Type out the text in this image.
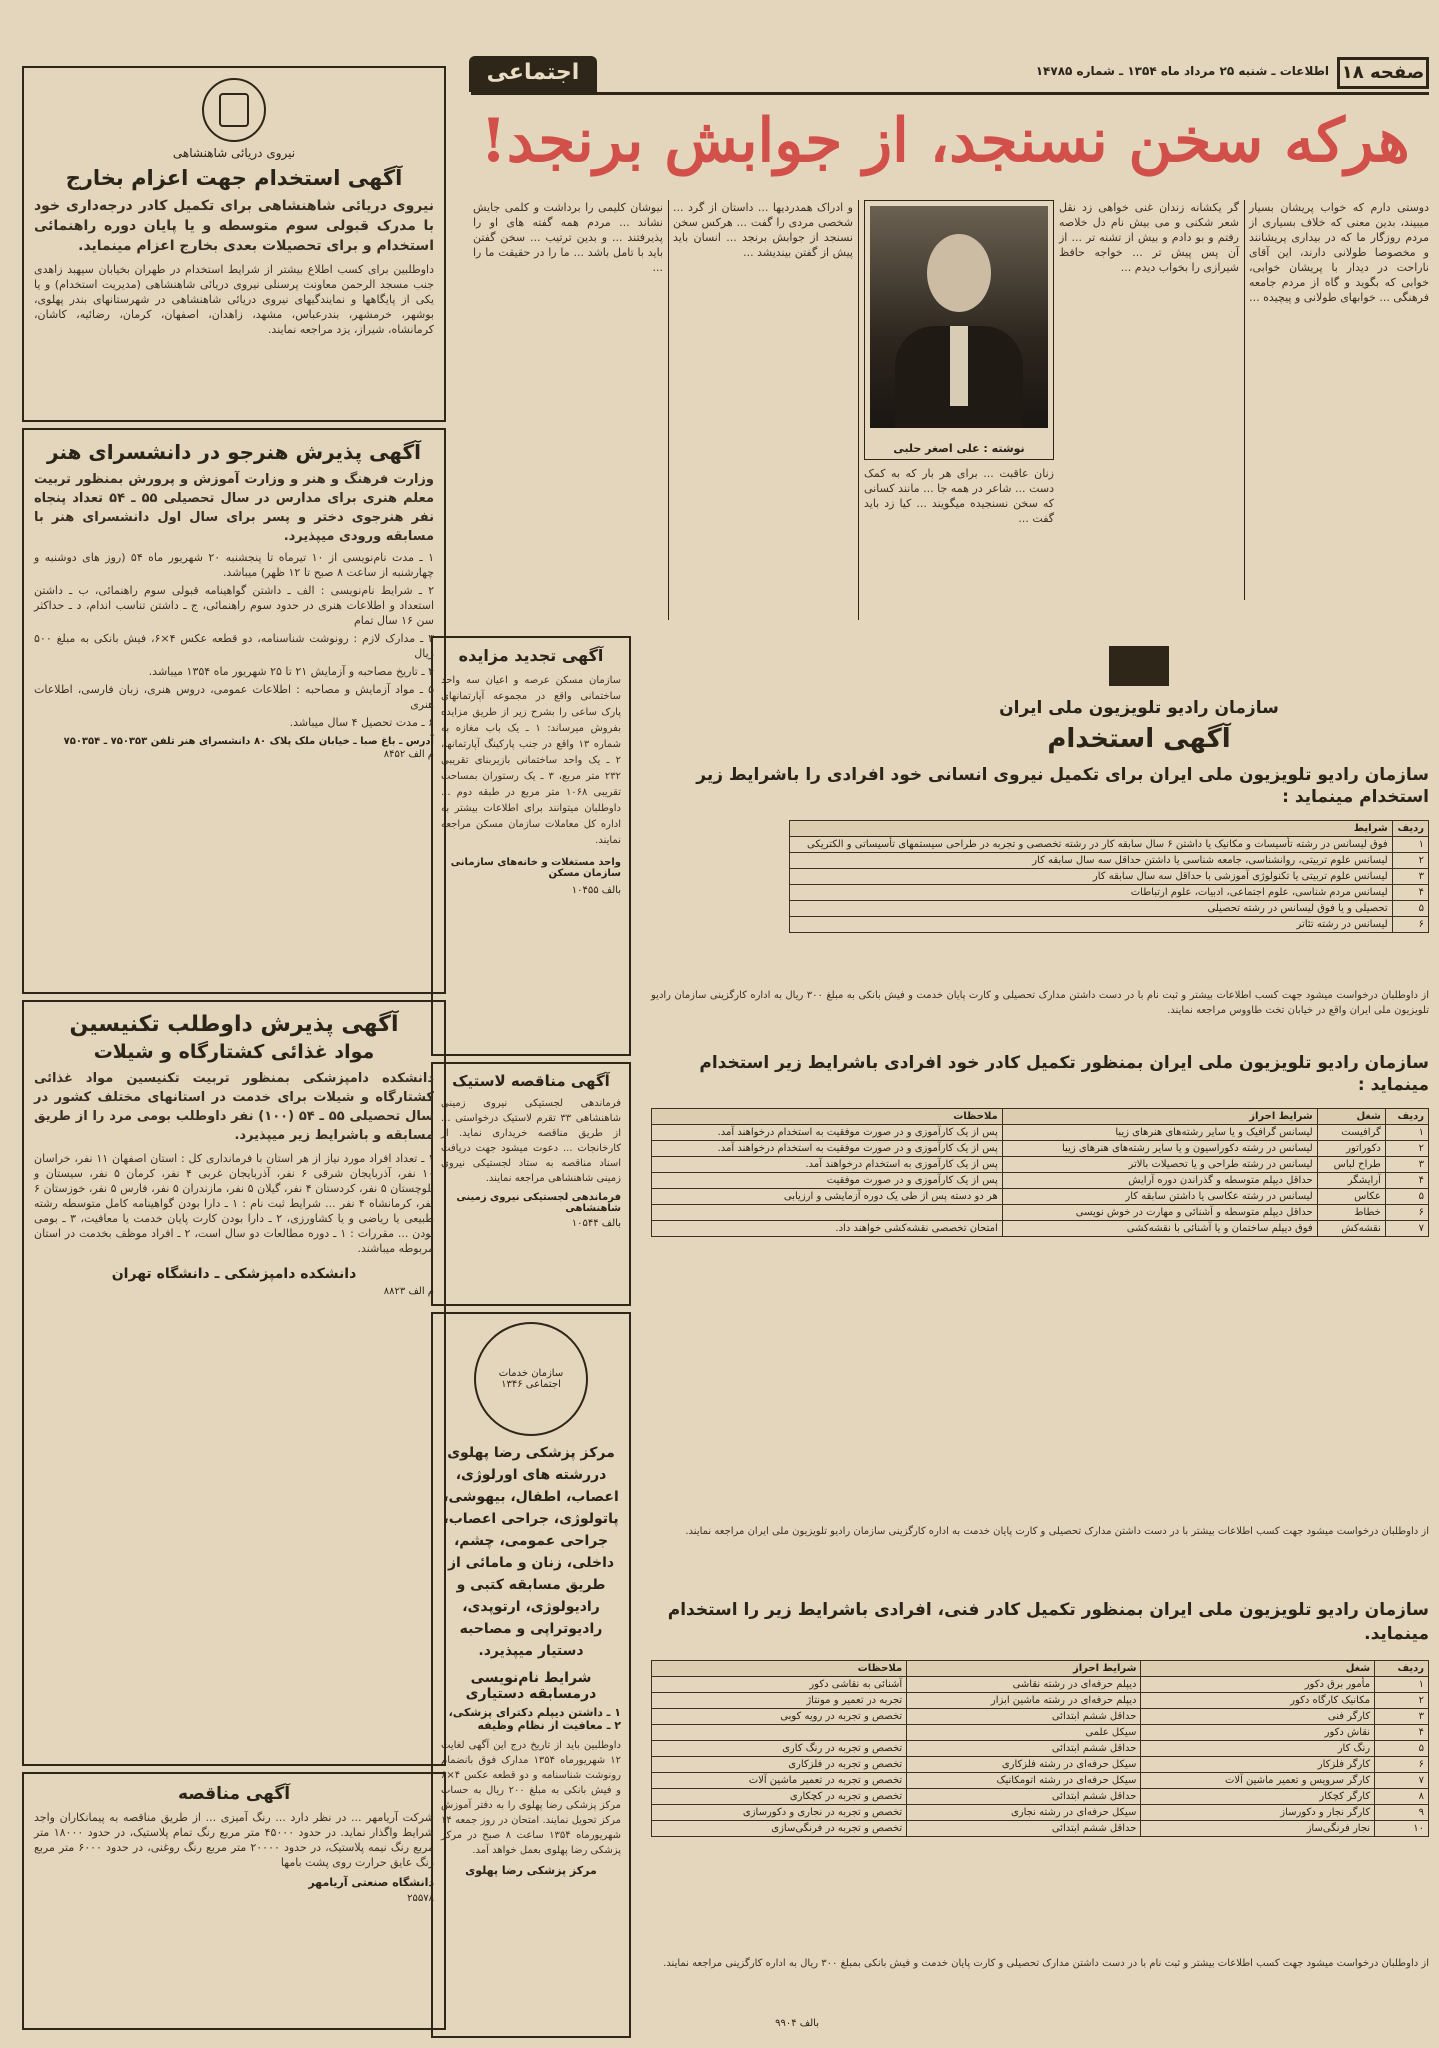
صفحه ۱۸
اطلاعات ـ شنبه ۲۵ مرداد ماه ۱۳۵۴ ـ شماره ۱۴۷۸۵
اجتماعی
هرکه سخن نسنجد، از جوابش برنجد!
دوستی دارم که خواب پریشان بسیار میبیند، بدین معنی که خلاف بسیاری از مردم روزگار ما که در بیداری پریشانند و مخصوصا طولانی دارند، این آقای ناراحت در دیدار با پریشان خوابی، خوابی که بگوید و گاه از مردم جامعه فرهنگی ... خوابهای طولانی و پیچیده ...
گر یکشانه زندان غنی خواهی زد نقل شعر شکنی و می بیش نام دل خلاصه رفتم و بو دادم و بیش از تشنه تر ... از آن پس پیش تر ... خواجه حافظ شیرازی را بخواب دیدم ...
نوشته : علی اصغر حلبی
زنان عاقبت ... برای هر بار که به کمک دست ... شاعر در همه جا ... مانند کسانی که سخن نسنجیده میگویند ... کیا زد باید گفت ...
و ادراک همدردیها ... داستان از گرد ... شخصی مردی را گفت ... هرکس سخن نسنجد از جوابش برنجد ... انسان باید پیش از گفتن بیندیشد ...
نیوشان کلیمی را برداشت و کلمی جایش نشاند ... مردم همه گفته های او را پذیرفتند ... و بدین ترتیب ... سخن گفتن باید با تامل باشد ... ما را در حقیقت ما را ...
سازمان رادیو تلویزیون ملی ایران
آگهی استخدام
سازمان رادیو تلویزیون ملی ایران برای تکمیل نیروی انسانی خود افرادی را باشرایط زیر استخدام مینماید :
ردیف	شرایط
۱	فوق لیسانس در رشته تأسیسات و مکانیک یا داشتن ۶ سال سابقه کار در رشته تخصصی و تجربه در طراحی سیستمهای تأسیساتی و الکتریکی
۲	لیسانس علوم تربیتی، روانشناسی، جامعه شناسی یا داشتن حداقل سه سال سابقه کار
۳	لیسانس علوم تربیتی یا تکنولوژی آموزشی با حداقل سه سال سابقه کار
۴	لیسانس مردم شناسی، علوم اجتماعی، ادبیات، علوم ارتباطات
۵	تحصیلی و یا فوق لیسانس در رشته تحصیلی
۶	لیسانس در رشته تئاتر
از داوطلبان درخواست میشود جهت کسب اطلاعات بیشتر و ثبت نام با در دست داشتن مدارک تحصیلی و کارت پایان خدمت و فیش بانکی به مبلغ ۳۰۰ ریال به اداره کارگزینی سازمان رادیو تلویزیون ملی ایران واقع در خیابان تخت طاووس مراجعه نمایند.
سازمان رادیو تلویزیون ملی ایران بمنظور تکمیل کادر خود افرادی باشرایط زیر استخدام مینماید :
ردیف	شغل	شرایط احراز	ملاحظات
۱	گرافیست	لیسانس گرافیک و یا سایر رشته‌های هنرهای زیبا	پس از یک کارآموزی و در صورت موفقیت به استخدام درخواهند آمد.
۲	دکوراتور	لیسانس در رشته دکوراسیون و یا سایر رشته‌های هنرهای زیبا	پس از یک کارآموزی و در صورت موفقیت به استخدام درخواهند آمد.
۳	طراح لباس	لیسانس در رشته طراحی و یا تحصیلات بالاتر	پس از یک کارآموزی به استخدام درخواهند آمد.
۴	آرایشگر	حداقل دیپلم متوسطه و گذراندن دوره آرایش	پس از یک کارآموزی و در صورت موفقیت
۵	عکاس	لیسانس در رشته عکاسی یا داشتن سابقه کار	هر دو دسته پس از طی یک دوره آزمایشی و ارزیابی
۶	خطاط	حداقل دیپلم متوسطه و آشنائی و مهارت در خوش نویسی	
۷	نقشه‌کش	فوق دیپلم ساختمان و یا آشنائی با نقشه‌کشی	امتحان تخصصی نقشه‌کشی خواهند داد.
از داوطلبان درخواست میشود جهت کسب اطلاعات بیشتر با در دست داشتن مدارک تحصیلی و کارت پایان خدمت به اداره کارگزینی سازمان رادیو تلویزیون ملی ایران مراجعه نمایند.
سازمان رادیو تلویزیون ملی ایران بمنظور تکمیل کادر فنی، افرادی باشرایط زیر را استخدام مینماید.
ردیف	شغل	شرایط احراز	ملاحظات
۱	مأمور برق دکور	دیپلم حرفه‌ای در رشته نقاشی	آشنائی به نقاشی دکور
۲	مکانیک کارگاه دکور	دیپلم حرفه‌ای در رشته ماشین ابزار	تجربه در تعمیر و مونتاژ
۳	کارگر فنی	حداقل ششم ابتدائی	تخصص و تجربه در رویه کوبی
۴	نقاش دکور	سیکل علمی	
۵	رنگ کار	حداقل ششم ابتدائی	تخصص و تجربه در رنگ کاری
۶	کارگر فلزکار	سیکل حرفه‌ای در رشته فلزکاری	تخصص و تجربه در فلزکاری
۷	کارگر سرویس و تعمیر ماشین آلات	سیکل حرفه‌ای در رشته اتومکانیک	تخصص و تجربه در تعمیر ماشین آلات
۸	کارگر کچکار	حداقل ششم ابتدائی	تخصص و تجربه در کچکاری
۹	کارگر نجار و دکورساز	سیکل حرفه‌ای در رشته نجاری	تخصص و تجربه در نجاری و دکورسازی
۱۰	نجار فرنگی‌ساز	حداقل ششم ابتدائی	تخصص و تجربه در فرنگی‌سازی
از داوطلبان درخواست میشود جهت کسب اطلاعات بیشتر و ثبت نام با در دست داشتن مدارک تحصیلی و کارت پایان خدمت و فیش بانکی بمبلغ ۳۰۰ ریال به اداره کارگزینی مراجعه نمایند.
بالف ۹۹۰۴
آگهی تجدید مزایده
سازمان مسکن عرصه و اعیان سه واحد ساختمانی واقع در مجموعه آپارتمانهای پارک ساعی را بشرح زیر از طریق مزایده بفروش میرساند: ۱ ـ یک باب مغازه به شماره ۱۳ واقع در جنب پارکینگ آپارتمانها، ۲ ـ یک واحد ساختمانی بازیربنای تقریبی ۲۳۲ متر مربع، ۳ ـ یک رستوران بمساحت تقریبی ۱۰۶۸ متر مربع در طبقه دوم ... داوطلبان میتوانند برای اطلاعات بیشتر به اداره کل معاملات سازمان مسکن مراجعه نمایند.
واحد مستغلات و خانه‌های سازمانی سازمان مسکن
بالف ۱۰۴۵۵
آگهی مناقصه لاستیک
فرماندهی لجستیکی نیروی زمینی شاهنشاهی ۳۳ تقرم لاستیک درخواستی ... از طریق مناقصه خریداری نماید. از کارخانجات ... دعوت میشود جهت دریافت اسناد مناقصه به ستاد لجستیکی نیروی زمینی شاهنشاهی مراجعه نمایند.
فرماندهی لجستیکی نیروی زمینی شاهنشاهی
بالف ۱۰۵۴۴
سازمان خدمات اجتماعی ۱۳۴۶
مرکز پزشکی رضا پهلوی دررشته های اورلوژی، اعصاب، اطفال، بیهوشی، پاتولوژی، جراحی اعصاب، جراحی عمومی، چشم، داخلی، زنان و مامائی از طریق مسابقه کتبی و رادیولوژی، ارتوپدی، رادیوتراپی و مصاحبه دستیار میپذیرد.
شرایط نام‌نویسی درمسابقه دستیاری
۱ ـ داشتن دیپلم دکترای پزشکی، ۲ ـ معافیت از نظام وظیفه
داوطلبین باید از تاریخ درج این آگهی لغایت ۱۲ شهریورماه ۱۳۵۴ مدارک فوق بانضمام رونوشت شناسنامه و دو قطعه عکس ۴×۶ و فیش بانکی به مبلغ ۲۰۰ ریال به حساب مرکز پزشکی رضا پهلوی را به دفتر آموزش مرکز تحویل نمایند. امتحان در روز جمعه ۱۴ شهریورماه ۱۳۵۴ ساعت ۸ صبح در مرکز پزشکی رضا پهلوی بعمل خواهد آمد.
مرکز پزشکی رضا پهلوی
نیروی دریائی شاهنشاهی
آگهی استخدام جهت اعزام بخارج
نیروی دریائی شاهنشاهی برای تکمیل کادر درجه‌داری خود با مدرک قبولی سوم متوسطه و یا پایان دوره راهنمائی استخدام و برای تحصیلات بعدی بخارج اعزام مینماید.
داوطلبین برای کسب اطلاع بیشتر از شرایط استخدام در طهران بخیابان سپهبد زاهدی جنب مسجد الرحمن معاونت پرسنلی نیروی دریائی شاهنشاهی (مدیریت استخدام) و یا یکی از پایگاهها و نمایندگیهای نیروی دریائی شاهنشاهی در شهرستانهای بندر پهلوی، بوشهر، خرمشهر، بندرعباس، مشهد، زاهدان، اصفهان، کرمان، رضائیه، کاشان، کرمانشاه، شیراز، یزد مراجعه نمایند.
آگهی پذیرش هنرجو در دانشسرای هنر
وزارت فرهنگ و هنر و وزارت آموزش و پرورش بمنظور تربیت معلم هنری برای مدارس در سال تحصیلی ۵۵ ـ ۵۴ تعداد پنجاه نفر هنرجوی دختر و پسر برای سال اول دانشسرای هنر با مسابقه ورودی میپذیرد.
۱ ـ مدت نام‌نویسی از ۱۰ تیرماه تا پنجشنبه ۲۰ شهریور ماه ۵۴ (روز های دوشنبه و چهارشنبه از ساعت ۸ صبح تا ۱۲ ظهر) میباشد.
۲ ـ شرایط نام‌نویسی : الف ـ داشتن گواهینامه قبولی سوم راهنمائی، ب ـ داشتن استعداد و اطلاعات هنری در حدود سوم راهنمائی، ج ـ داشتن تناسب اندام، د ـ حداکثر سن ۱۶ سال تمام
۳ ـ مدارک لازم : رونوشت شناسنامه، دو قطعه عکس ۴×۶، فیش بانکی به مبلغ ۵۰۰ ریال
۴ ـ تاریخ مصاحبه و آزمایش ۲۱ تا ۲۵ شهریور ماه ۱۳۵۴ میباشد.
۵ ـ مواد آزمایش و مصاحبه : اطلاعات عمومی، دروس هنری، زبان فارسی، اطلاعات هنری
۶ ـ مدت تحصیل ۴ سال میباشد.
آدرس ـ باغ صبا ـ خیابان ملک پلاک ۸۰ دانشسرای هنر تلفن ۷۵۰۳۵۳ ـ ۷۵۰۳۵۴
م الف ۸۴۵۲
آگهی پذیرش داوطلب تکنیسین
مواد غذائی کشتارگاه و شیلات
دانشکده دامپزشکی بمنظور تربیت تکنیسین مواد غذائی کشتارگاه و شیلات برای خدمت در استانهای مختلف کشور در سال تحصیلی ۵۵ ـ ۵۴ (۱۰۰) نفر داوطلب بومی مرد را از طریق مسابقه و باشرایط زیر میپذیرد.
۱ ـ تعداد افراد مورد نیاز از هر استان با فرمانداری کل : استان اصفهان ۱۱ نفر، خراسان ۱۰ نفر، آذربایجان شرقی ۶ نفر، آذربایجان غربی ۴ نفر، کرمان ۵ نفر، سیستان و بلوچستان ۵ نفر، کردستان ۴ نفر، گیلان ۵ نفر، مازندران ۵ نفر، فارس ۵ نفر، خوزستان ۶ نفر، کرمانشاه ۴ نفر ... شرایط ثبت نام : ۱ ـ دارا بودن گواهینامه کامل متوسطه رشته طبیعی یا ریاضی و یا کشاورزی، ۲ ـ دارا بودن کارت پایان خدمت یا معافیت، ۳ ـ بومی بودن ... مقررات : ۱ ـ دوره مطالعات دو سال است، ۲ ـ افراد موظف بخدمت در استان مربوطه میباشند.
دانشکده دامپزشکی ـ دانشگاه تهران
م الف ۸۸۲۳
آگهی مناقصه
شرکت آریامهر ... در نظر دارد ... رنگ آمیزی ... از طریق مناقصه به پیمانکاران واجد شرایط واگذار نماید. در حدود ۴۵۰۰۰ متر مربع رنگ تمام پلاستیک، در حدود ۱۸۰۰۰ متر مربع رنگ نیمه پلاستیک، در حدود ۲۰۰۰۰ متر مربع رنگ روغنی، در حدود ۶۰۰۰ متر مربع رنگ عایق حرارت روی پشت بامها
دانشگاه صنعتی آریامهر
۲۵۵۷۸
